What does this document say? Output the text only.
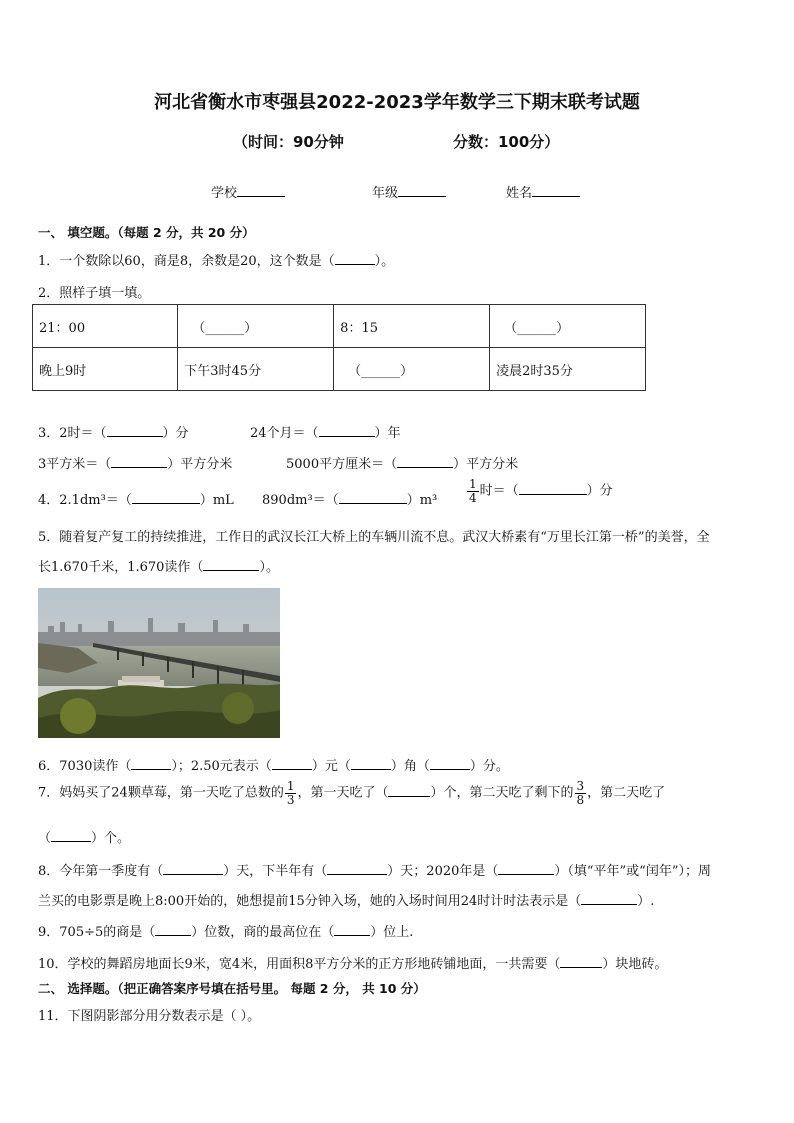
河北省衡水市枣强县2022-2023学年数学三下期末联考试题
（时间：90分钟	分数：100分）
学校	年级	姓名
一、 填空题。（每题 2 分，共 20 分）
1．一个数除以60，商是8，余数是20，这个数是（	）。
2．照样子填一填。
21：00	（______）	8：15	（______）
晚上9时	下午3时45分	（______）	凌晨2时35分
3．2时＝（	）分	24个月＝（	）年
3平方米＝（	）平方分米	5000平方厘米＝（	）平方分米
4．2.1dm³＝（	）mL 890dm³＝（	）$m^3 \frac{1}{4}$ 时＝（	）分
5．随着复产复工的持续推进，工作日的武汉长江大桥上的车辆川流不息。武汉大桥素有“万里长江第一桥”的美誉，全
长1.670千米，1.670读作（	）。
6．7030读作（	）；2.50元表示（	）元（	）角（	）分。
7．妈妈买了24颗草莓，第一天吃了总数的 $\frac{1}{3}$ ，第一天吃了（	）个，第二天吃了剩下的 $\frac{3}{8}$ ，第二天吃了
（	）个。
8．今年第一季度有（	）天，下半年有（	）天；2020年是（	）（填“平年”或“闰年”）；周
兰买的电影票是晚上8:00开始的，她想提前15分钟入场，她的入场时间用24时计时法表示是（	）.
9．705÷5的商是（	）位数，商的最高位在（	）位上.
10．学校的舞蹈房地面长9米，宽4米，用面积8平方分米的正方形地砖铺地面，一共需要（	）块地砖。
二、 选择题。（把正确答案序号填在括号里。 每题 2 分， 共 10 分）
11．下图阴影部分用分数表示是（ ）。
